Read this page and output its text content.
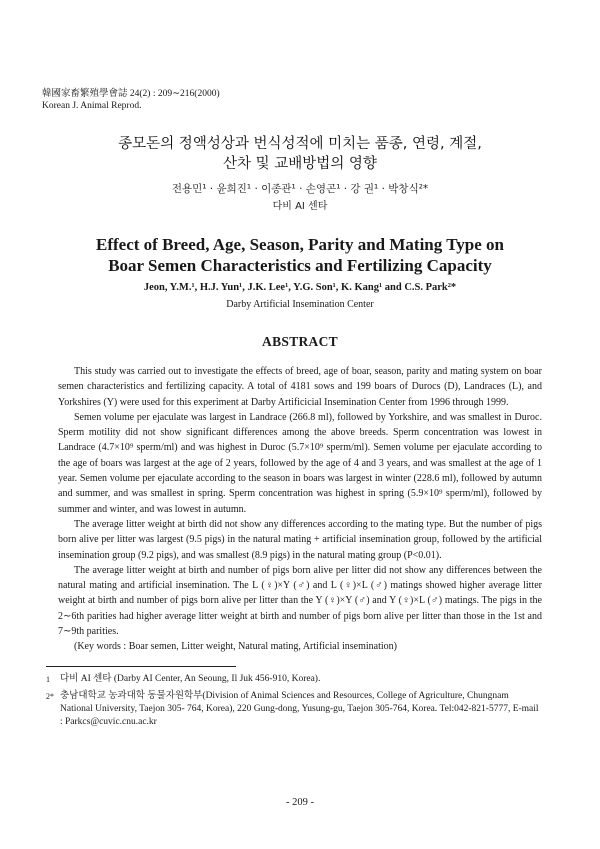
韓國家畜繁殖學會誌 24(2) : 209∼216(2000)
Korean J. Animal Reprod.
종모돈의 정액성상과 번식성적에 미치는 품종, 연령, 계절,
산차 및 교배방법의 영향
전용민¹ · 윤희진¹ · 이종관¹ · 손영곤¹ · 강 권¹ · 박창식²*
다비 AI 센타
Effect of Breed, Age, Season, Parity and Mating Type on
Boar Semen Characteristics and Fertilizing Capacity
Jeon, Y.M.¹, H.J. Yun¹, J.K. Lee¹, Y.G. Son¹, K. Kang¹ and C.S. Park²*
Darby Artificial Insemination Center
ABSTRACT

This study was carried out to investigate the effects of breed, age of boar, season, parity and mating system on boar semen characteristics and fertilizing capacity. A total of 4181 sows and 199 boars of Durocs (D), Landraces (L), and Yorkshires (Y) were used for this experiment at Darby Artificicial Insemination Center from 1996 through 1999.

Semen volume per ejaculate was largest in Landrace (266.8 ml), followed by Yorkshire, and was smallest in Duroc. Sperm motility did not show significant differences among the above breeds. Sperm concentration was lowest in Landrace (4.7×10⁹ sperm/ml) and was highest in Duroc (5.7×10⁹ sperm/ml). Semen volume per ejaculate according to the age of boars was largest at the age of 2 years, followed by the age of 4 and 3 years, and was smallest at the age of 1 year. Semen volume per ejaculate according to the season in boars was largest in winter (228.6 ml), followed by autumn and summer, and was smallest in spring. Sperm concentration was highest in spring (5.9×10⁹ sperm/ml), followed by summer and winter, and was lowest in autumn.

The average litter weight at birth did not show any differences according to the mating type. But the number of pigs born alive per litter was largest (9.5 pigs) in the natural mating + artificial insemination group, followed by the artificial insemination group (9.2 pigs), and was smallest (8.9 pigs) in the natural mating group (P<0.01).

The average litter weight at birth and number of pigs born alive per litter did not show any differences between the natural mating and artificial insemination. The L (♀)×Y (♂) and L (♀)×L (♂) matings showed higher average litter weight at birth and number of pigs born alive per litter than the Y (♀)×Y (♂) and Y (♀)×L (♂) matings. The pigs in the 2∼6th parities had higher average litter weight at birth and number of pigs born alive per litter than those in the 1st and 7∼9th parities.

(Key words : Boar semen, Litter weight, Natural mating, Artificial insemination)

1	다비 AI 센타 (Darby AI Center, An Seoung, Il Juk 456-910, Korea).
2* 충남대학교 농과대학 동물자원학부(Division of Animal Sciences and Resources, College of Agriculture, Chungnam National University, Taejon 305- 764, Korea), 220 Gung-dong, Yusung-gu, Taejon 305-764, Korea. Tel:042-821-5777, E-mail : Parkcs@cuvic.cnu.ac.kr
- 209 -
